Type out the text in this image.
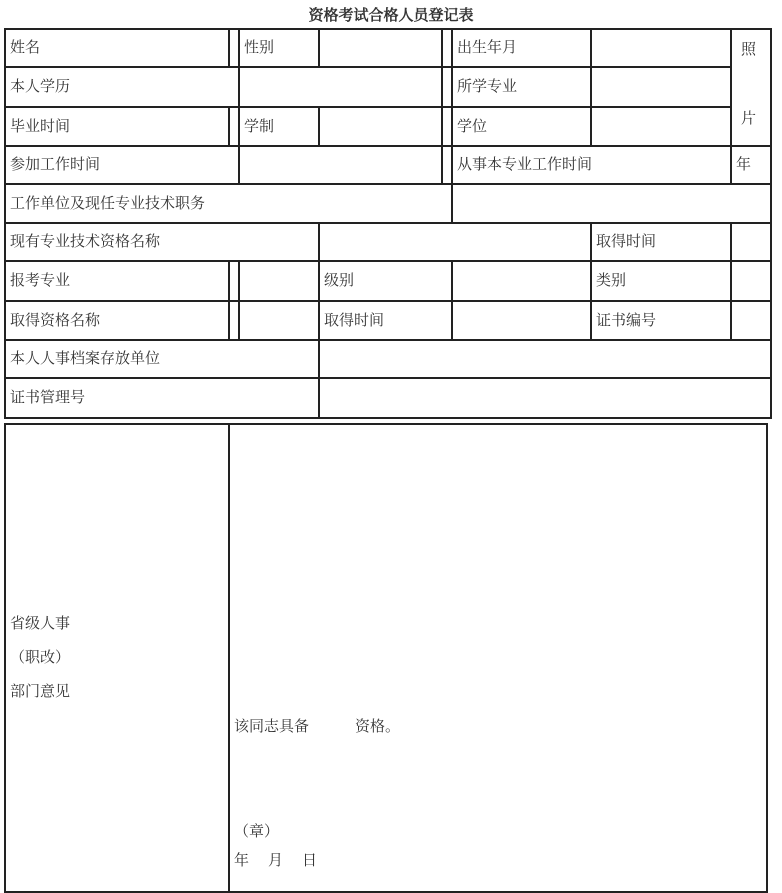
资格考试合格人员登记表
姓名		性别			出生年月		照
片

本人学历					所学专业		
毕业时间		学制			学位		
参加工作时间					从事本专业工作时间		年
工作单位及现任专业技术职务							
现有专业技术资格名称						取得时间	
报考专业			级别			类别	
取得资格名称			取得时间			证书编号	
本人人事档案存放单位							
证书管理号							
省级人事
（职改）
部门意见

该同志具备	资格。
（章）
年　月　日
